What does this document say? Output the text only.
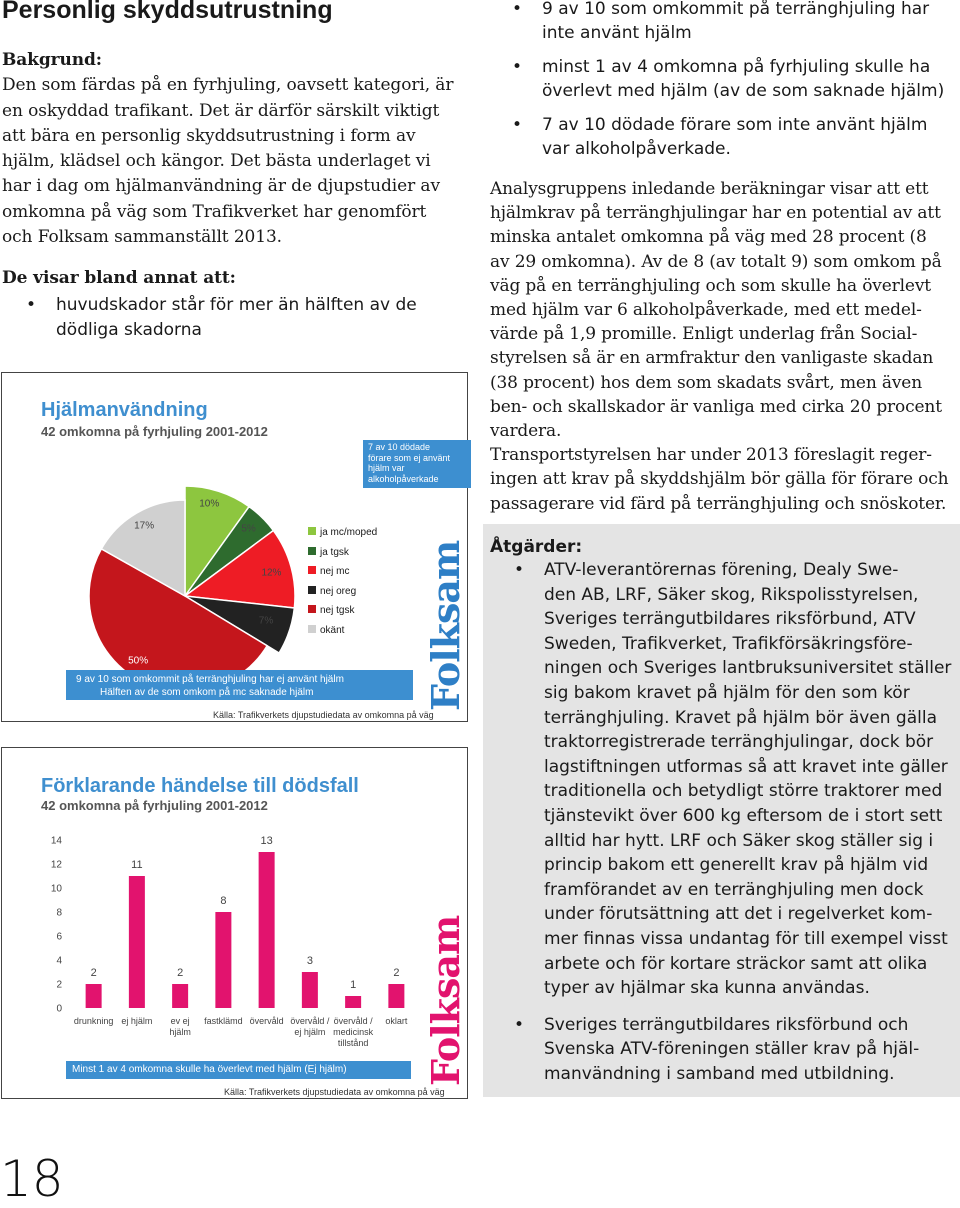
Personlig skyddsutrustning
Bakgrund:
Den som färdas på en fyrhjuling, oavsett kategori, är
en oskyddad trafikant. Det är därför särskilt viktigt
att bära en personlig skyddsutrustning i form av
hjälm, klädsel och kängor. Det bästa underlaget vi
har i dag om hjälmanvändning är de djupstudier av
omkomna på väg som Trafikverket har genomfört
och Folksam sammanställt 2013.
De visar bland annat att:
• huvudskador står för mer än hälften av de
dödliga skadorna
Hjälmanvändning
42 omkomna på fyrhjuling 2001-2012
10%
5%
12%
7%
50%
17%
7 av 10 dödade
förare som ej använt
hjälm var
alkoholpåverkade
ja mc/moped
ja tgsk
nej mc
nej oreg
nej tgsk
okänt
9 av 10 som omkommit på terränghjuling har ej använt hjälm
Hälften av de som omkom på mc saknade hjälm	Folksam
Källa: Trafikverkets djupstudiedata av omkomna på väg
Förklarande händelse till dödsfall
42 omkomna på fyrhjuling 2001-2012
0
2
4
6
8
10
12
14
2
drunkning
11
ej hjälm
2
ev ej
hjälm
8
fastklämd
13
övervåld
3
övervåld /
ej hjälm
1
övervåld /
medicinsk
tillstånd
2
oklart
Minst 1 av 4 omkomna skulle ha överlevt med hjälm (Ej hjälm)	Folksam
Källa: Trafikverkets djupstudiedata av omkomna på väg
• 9 av 10 som omkommit på terränghjuling har
inte använt hjälm
• minst 1 av 4 omkomna på fyrhjuling skulle ha
överlevt med hjälm (av de som saknade hjälm)
• 7 av 10 dödade förare som inte använt hjälm
var alkoholpåverkade.
Analysgruppens inledande beräkningar visar att ett
hjälmkrav på terränghjulingar har en potential av att
minska antalet omkomna på väg med 28 procent (8
av 29 omkomna). Av de 8 (av totalt 9) som omkom på
väg på en terränghjuling och som skulle ha överlevt
med hjälm var 6 alkoholpåverkade, med ett medel-
värde på 1,9 promille. Enligt underlag från Social-
styrelsen så är en armfraktur den vanligaste skadan
(38 procent) hos dem som skadats svårt, men även
ben- och skallskador är vanliga med cirka 20 procent
vardera.
Transportstyrelsen har under 2013 föreslagit reger-
ingen att krav på skyddshjälm bör gälla för förare och
passagerare vid färd på terränghjuling och snöskoter.
Åtgärder:
• ATV-leverantörernas förening, Dealy Swe-
den AB, LRF, Säker skog, Rikspolisstyrelsen,
Sveriges terrängutbildares riksförbund, ATV
Sweden, Trafikverket, Trafikförsäkringsföre-
ningen och Sveriges lantbruksuniversitet ställer
sig bakom kravet på hjälm för den som kör
terränghjuling. Kravet på hjälm bör även gälla
traktorregistrerade terränghjulingar, dock bör
lagstiftningen utformas så att kravet inte gäller
traditionella och betydligt större traktorer med
tjänstevikt över 600 kg eftersom de i stort sett
alltid har hytt. LRF och Säker skog ställer sig i
princip bakom ett generellt krav på hjälm vid
framförandet av en terränghjuling men dock
under förutsättning att det i regelverket kom-
mer finnas vissa undantag för till exempel visst
arbete och för kortare sträckor samt att olika
typer av hjälmar ska kunna användas.
• Sveriges terrängutbildares riksförbund och
Svenska ATV-föreningen ställer krav på hjäl-
manvändning i samband med utbildning.
18
